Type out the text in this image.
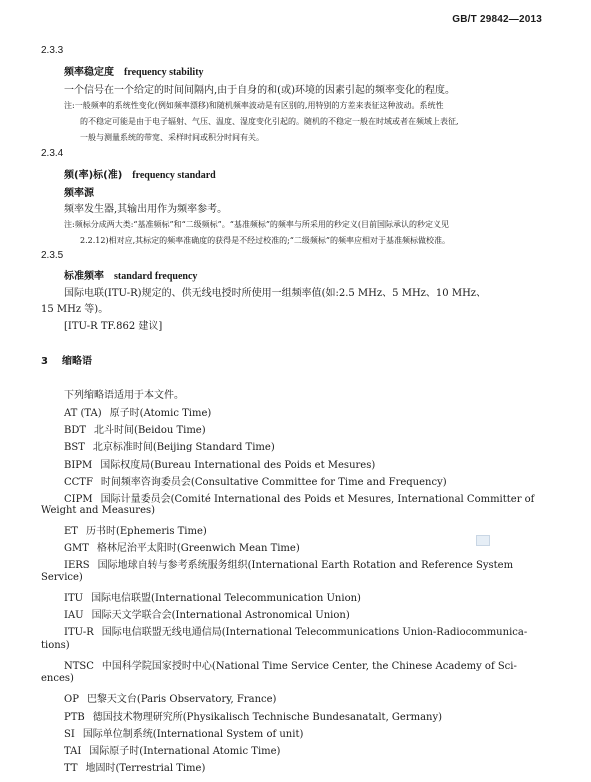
GB/T 29842—2013
2.3.3
频率稳定度 frequency stability
一个信号在一个给定的时间间隔内,由于自身的和(或)环境的因素引起的频率变化的程度。
注:一般频率的系统性变化(例如频率漂移)和随机频率波动是有区别的,用特别的方差来表征这种波动。系统性
的不稳定可能是由于电子辐射、气压、温度、湿度变化引起的。随机的不稳定一般在时域或者在频域上表征,
一般与测量系统的带宽、采样时间或积分时间有关。
2.3.4
频(率)标(准) frequency standard
频率源
频率发生器,其输出用作为频率参考。
注:频标分成两大类:“基准频标”和“二级频标”。“基准频标”的频率与所采用的秒定义(目前国际承认的秒定义见
2.2.12)相对应,其标定的频率准确度的获得是不经过校准的;“二级频标”的频率应相对于基准频标做校准。
2.3.5
标准频率 standard frequency
国际电联(ITU-R)规定的、供无线电授时所使用一组频率值(如:2.5 MHz、5 MHz、10 MHz、
15 MHz 等)。
[ITU-R TF.862 建议]
3 缩略语
下列缩略语适用于本文件。
AT (TA) 原子时(Atomic Time)
BDT 北斗时间(Beidou Time)
BST 北京标准时间(Beijing Standard Time)
BIPM 国际权度局(Bureau International des Poids et Mesures)
CCTF 时间频率咨询委员会(Consultative Committee for Time and Frequency)
CIPM 国际计量委员会(Comité International des Poids et Mesures, International Committer of
Weight and Measures)
ET 历书时(Ephemeris Time)
GMT 格林尼治平太阳时(Greenwich Mean Time)
IERS 国际地球自转与参考系统服务组织(International Earth Rotation and Reference System
Service)
ITU 国际电信联盟(International Telecommunication Union)
IAU 国际天文学联合会(International Astronomical Union)
ITU-R 国际电信联盟无线电通信局(International Telecommunications Union-Radiocommunica-
tions)
NTSC 中国科学院国家授时中心(National Time Service Center, the Chinese Academy of Sci-
ences)
OP 巴黎天文台(Paris Observatory, France)
PTB 德国技术物理研究所(Physikalisch Technische Bundesanatalt, Germany)
SI 国际单位制系统(International System of unit)
TAI 国际原子时(International Atomic Time)
TT 地固时(Terrestrial Time)
